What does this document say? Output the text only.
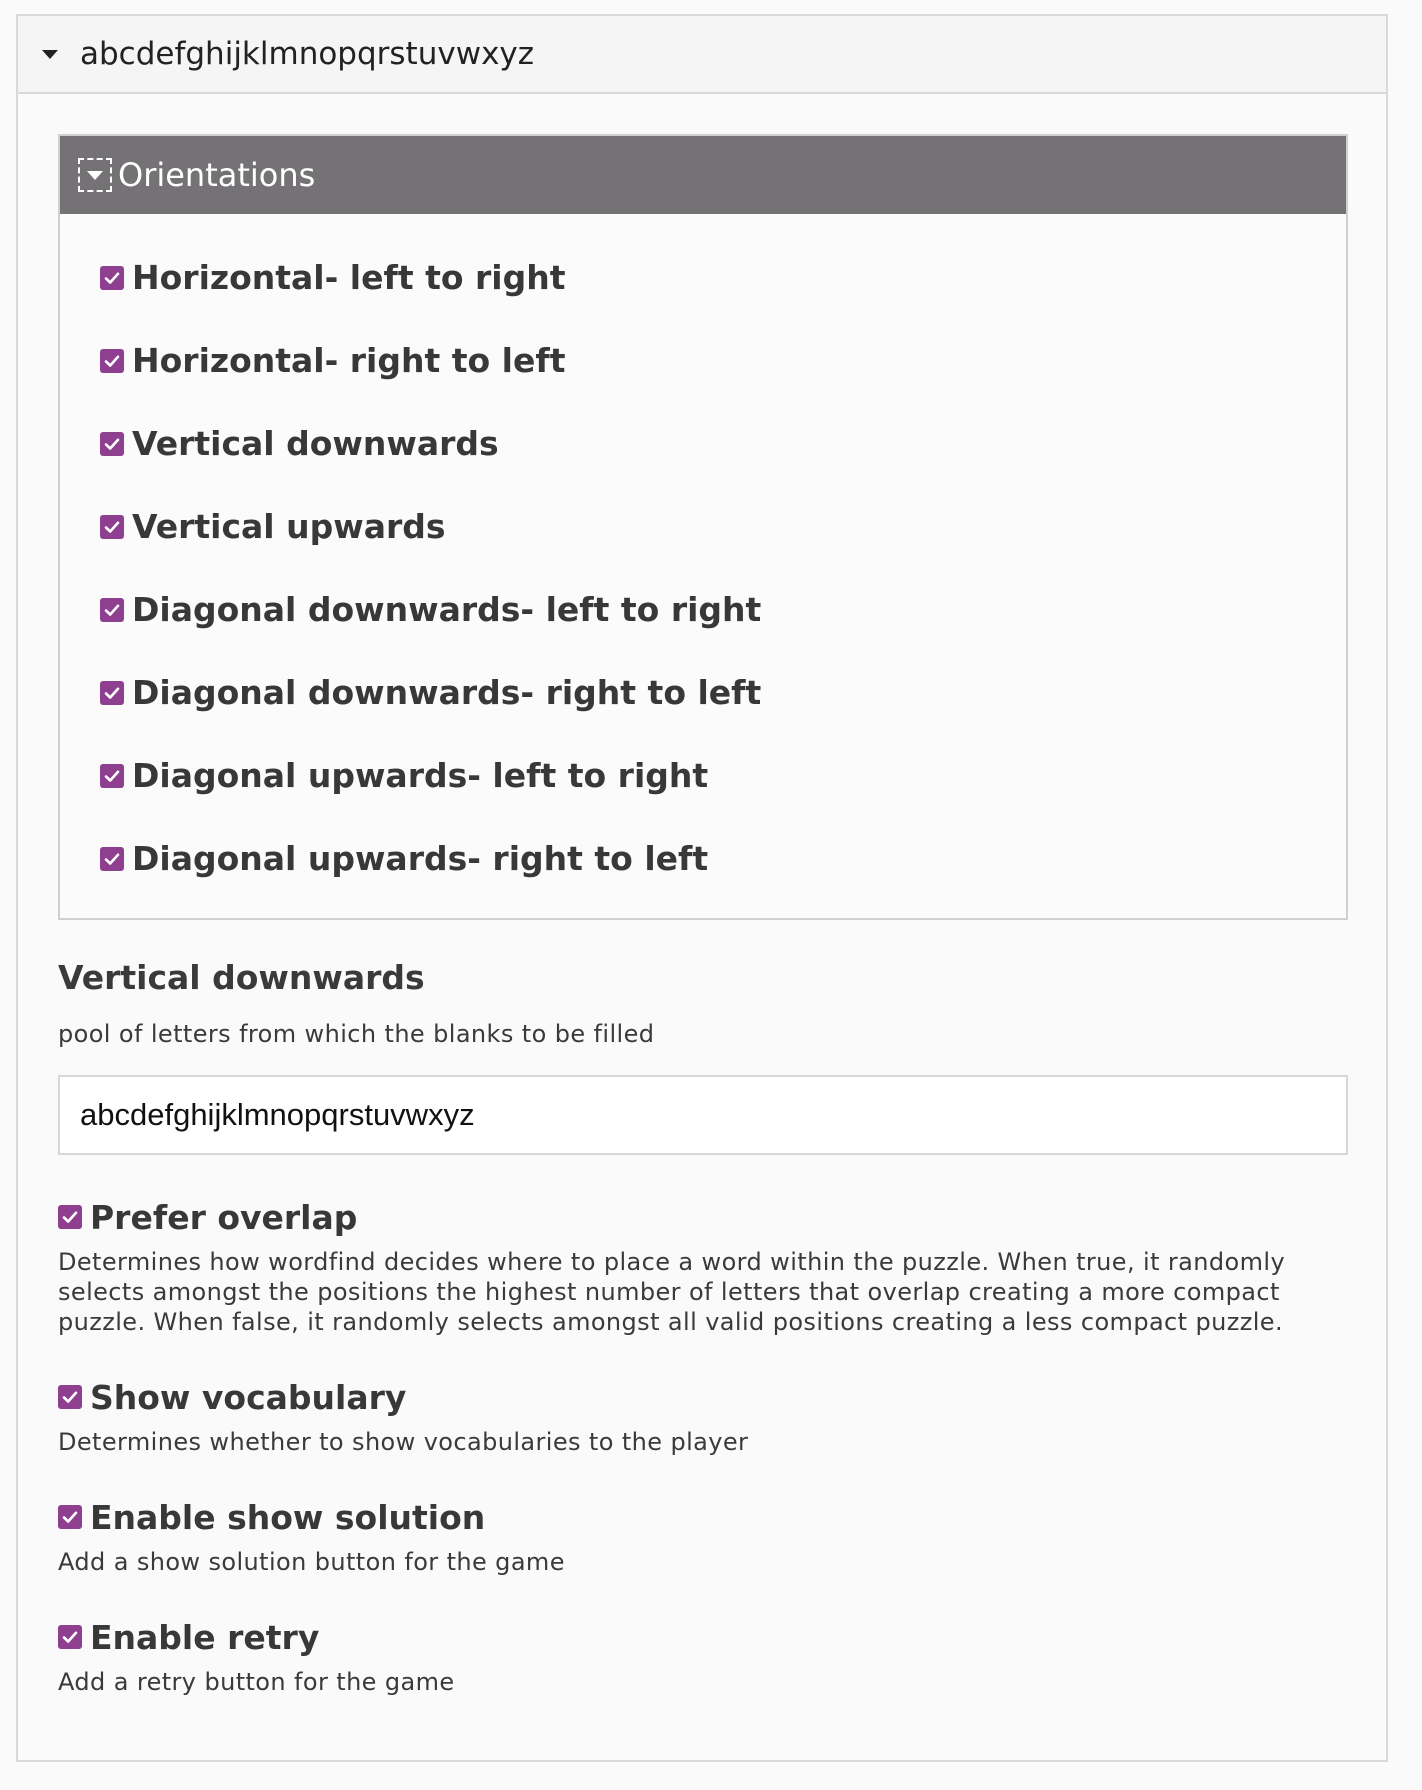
abcdefghijklmnopqrstuvwxyz
Orientations
Horizontal- left to right
Horizontal- right to left
Vertical downwards
Vertical upwards
Diagonal downwards- left to right
Diagonal downwards- right to left
Diagonal upwards- left to right
Diagonal upwards- right to left
Vertical downwards
pool of letters from which the blanks to be filled
abcdefghijklmnopqrstuvwxyz
Prefer overlap
Determines how wordfind decides where to place a word within the puzzle. When true, it randomly selects amongst the positions the highest number of letters that overlap creating a more compact puzzle. When false, it randomly selects amongst all valid positions creating a less compact puzzle.
Show vocabulary
Determines whether to show vocabularies to the player
Enable show solution
Add a show solution button for the game
Enable retry
Add a retry button for the game
